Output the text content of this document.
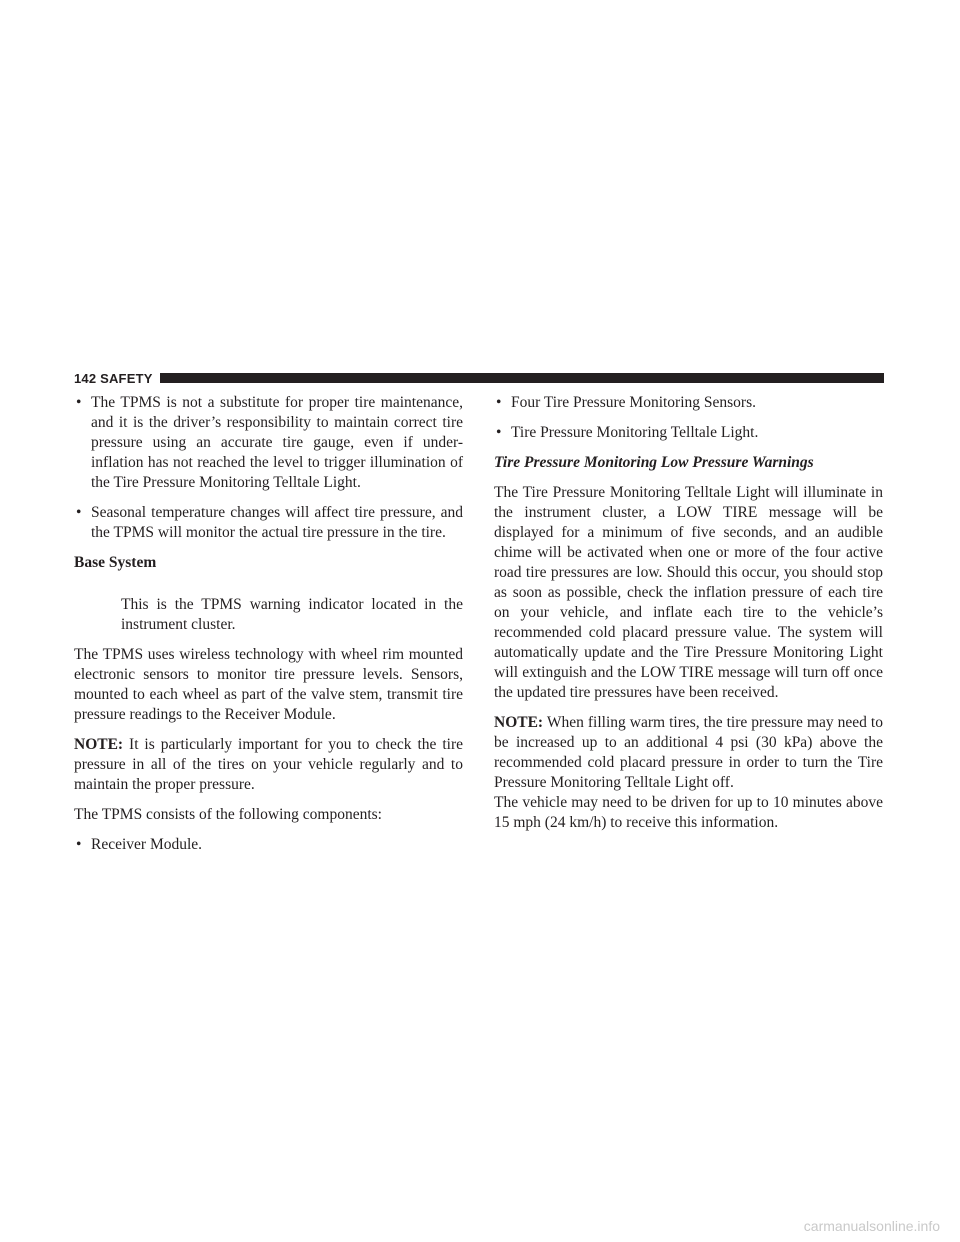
142 SAFETY
• The TPMS is not a substitute for proper tire maintenance, and it is the driver’s responsibility to maintain correct tire pressure using an accurate tire gauge, even if under-inflation has not reached the level to trigger illumination of the Tire Pressure Monitoring Telltale Light.
• Seasonal temperature changes will affect tire pressure, and the TPMS will monitor the actual tire pressure in the tire.

Base System

This is the TPMS warning indicator located in the instrument cluster.

The TPMS uses wireless technology with wheel rim mounted electronic sensors to monitor tire pressure levels. Sensors, mounted to each wheel as part of the valve stem, transmit tire pressure readings to the Receiver Module.

NOTE: It is particularly important for you to check the tire pressure in all of the tires on your vehicle regularly and to maintain the proper pressure.

The TPMS consists of the following components:

• Receiver Module.
• Four Tire Pressure Monitoring Sensors.
• Tire Pressure Monitoring Telltale Light.

Tire Pressure Monitoring Low Pressure Warnings

The Tire Pressure Monitoring Telltale Light will illuminate in the instrument cluster, a LOW TIRE message will be displayed for a minimum of five seconds, and an audible chime will be activated when one or more of the four active road tire pressures are low. Should this occur, you should stop as soon as possible, check the inflation pressure of each tire on your vehicle, and inflate each tire to the vehicle’s recommended cold placard pressure value. The system will automatically update and the Tire Pressure Monitoring Light will extinguish and the LOW TIRE message will turn off once the updated tire pressures have been received.

NOTE: When filling warm tires, the tire pressure may need to be increased up to an additional 4 psi (30 kPa) above the recommended cold placard pressure in order to turn the Tire Pressure Monitoring Telltale Light off.

The vehicle may need to be driven for up to 10 minutes above 15 mph (24 km/h) to receive this information.

carmanualsonline.info
